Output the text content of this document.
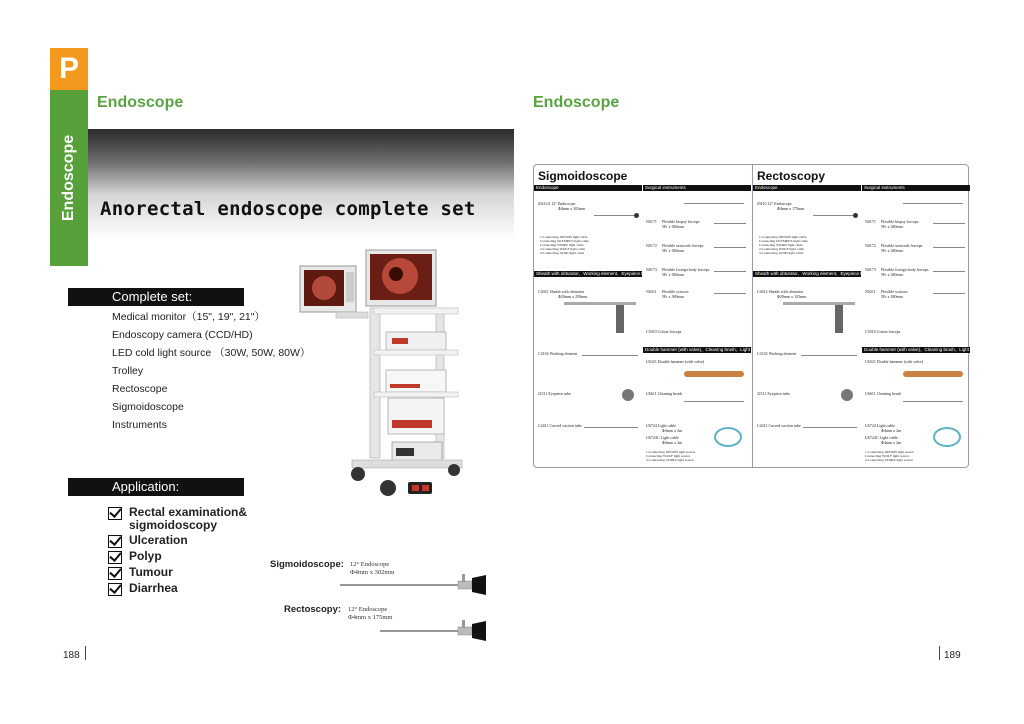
P
Endoscope
Endoscope
Anorectal endoscope complete set
Complete set:
Medical monitor（15", 19", 21"）
Endoscopy camera (CCD/HD)
LED cold light source （30W, 50W, 80W）
Trolley
Rectoscope
Sigmoidoscope
Instruments
Application:
Rectal examination& sigmoidoscopy
Ulceration
Polyp
Tumour
Diarrhea
Sigmoidoscope: 12° Endoscope
Φ4mm x 302mm
Rectoscopy: 12° Endoscope
Φ4mm x 175mm
188
Endoscope
Sigmoidoscope
Endoscope	Surgical instruments
J0212A 12° Endoscope
Φ4mm x 302mm
1.Connecting XENON light cable
Connecting OLYMPUS light cable
Connecting STORZ light cable
2.Connecting WOLF light cable
3.Connecting ACMI light cable
Sheath with obturator、Working element、Eyepiece tube etc.
C4021 Sheath with obturator
Φ20mm x 250mm
C4102 Working element
J2311 Eyepiece tube
C4411 Curved suction tube
N0171 Flexible biopsy forceps
5Fr x 380mm
N0172 Flexible sawtooth forceps
5Fr x 380mm
N0173 Flexible foreign body forceps
5Fr x 380mm
N0211 Flexible scissors
5Fr x 380mm
C5010 Cotton forceps
Double hammer (with valve)、Cleaning brush、Light cable
U6321 Double hammer (with valve)
U6611 Cleaning brush
U6724 Light cable
Φ4mm x 2m
U6724C Light cable
Φ4mm x 2m
1.Connecting XENON light source
Connecting WOLF light source
2.Connecting STORZ light source
Rectoscopy
Endoscope	Surgical instruments
J0210 12° Endoscope
Φ4mm x 175mm
1.Connecting XENON light cable
Connecting OLYMPUS light cable
Connecting STORZ light cable
2.Connecting WOLF light cable
3.Connecting ACMI light cable
Sheath with obturator、Working element、Eyepiece tube etc.
C4012 Sheath with obturator
Φ20mm x 125mm
C4102 Working element
J2311 Eyepiece tube
C4411 Curved suction tube
N0171 Flexible biopsy forceps
5Fr x 380mm
N0172 Flexible sawtooth forceps
5Fr x 380mm
N0173 Flexible foreign body forceps
5Fr x 380mm
N0211 Flexible scissors
5Fr x 380mm
C5010 Cotton forceps
Double hammer (with valve)、Cleaning brush、Light cable
U6321 Double hammer (with valve)
U6611 Cleaning brush
U6724 Light cable
Φ4mm x 2m
U6724C Light cable
Φ4mm x 2m
1.Connecting XENON light source
Connecting WOLF light source
2.Connecting STORZ light source
189
